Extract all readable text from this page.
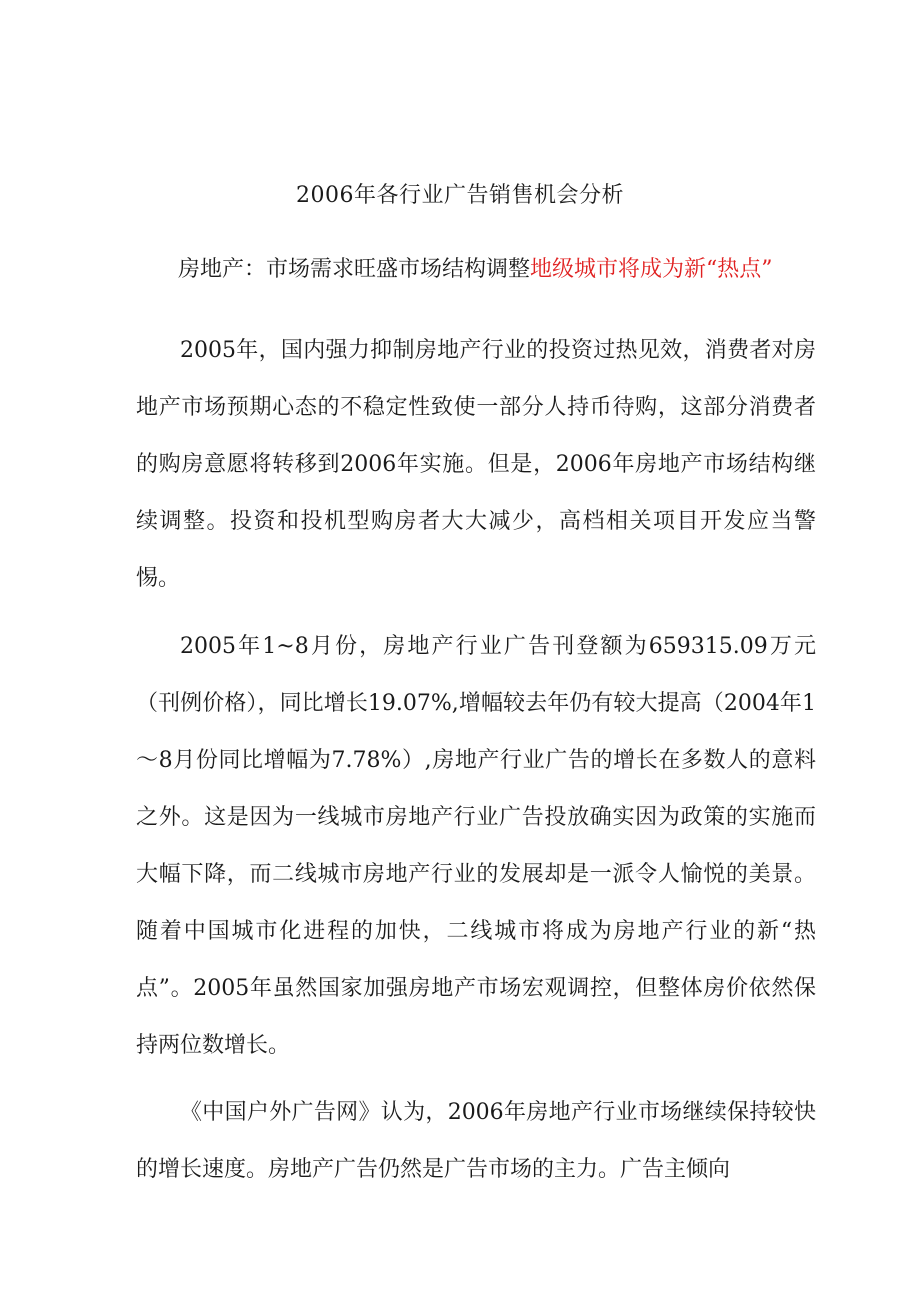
2006年各行业广告销售机会分析

房地产：市场需求旺盛市场结构调整地级城市将成为新“热点”

2005年，国内强力抑制房地产行业的投资过热见效，消费者对房地产市场预期心态的不稳定性致使一部分人持币待购，这部分消费者的购房意愿将转移到2006年实施。但是，2006年房地产市场结构继续调整。投资和投机型购房者大大减少，高档相关项目开发应当警惕。

2005年1~8月份，房地产行业广告刊登额为659315.09万元（刊例价格），同比增长19.07%,增幅较去年仍有较大提高（2004年1～8月份同比增幅为7.78%）,房地产行业广告的增长在多数人的意料之外。这是因为一线城市房地产行业广告投放确实因为政策的实施而大幅下降，而二线城市房地产行业的发展却是一派令人愉悦的美景。随着中国城市化进程的加快，二线城市将成为房地产行业的新“热点”。2005年虽然国家加强房地产市场宏观调控，但整体房价依然保持两位数增长。

《中国户外广告网》认为，2006年房地产行业市场继续保持较快的增长速度。房地产广告仍然是广告市场的主力。广告主倾向
